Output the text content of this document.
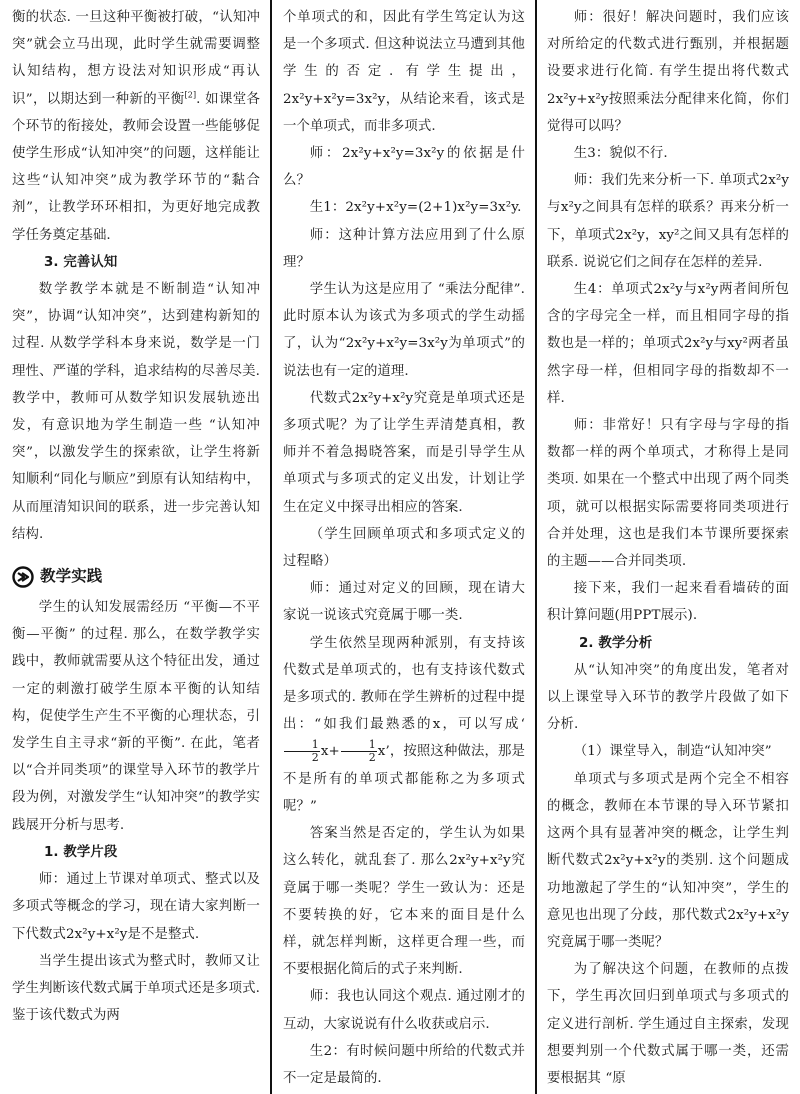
衡的状态. 一旦这种平衡被打破，“认知冲突”就会立马出现，此时学生就需要调整认知结构，想方设法对知识形成“再认识”，以期达到一种新的平衡[2]. 如课堂各个环节的衔接处，教师会设置一些能够促使学生形成“认知冲突”的问题，这样能让这些“认知冲突”成为教学环节的“黏合剂”，让教学环环相扣，为更好地完成教学任务奠定基础.

3. 完善认知

数学教学本就是不断制造“认知冲突”，协调“认知冲突”，达到建构新知的过程. 从数学学科本身来说，数学是一门理性、严谨的学科，追求结构的尽善尽美. 教学中，教师可从数学知识发展轨迹出发，有意识地为学生制造一些 “认知冲突”，以激发学生的探索欲，让学生将新知顺利“同化与顺应”到原有认知结构中，从而厘清知识间的联系，进一步完善认知结构.

教学实践

学生的认知发展需经历 “平衡—不平衡—平衡” 的过程. 那么，在数学教学实践中，教师就需要从这个特征出发，通过一定的刺激打破学生原本平衡的认知结构，促使学生产生不平衡的心理状态，引发学生自主寻求“新的平衡”. 在此，笔者以“合并同类项”的课堂导入环节的教学片段为例，对激发学生“认知冲突”的教学实践展开分析与思考.

1. 教学片段

师：通过上节课对单项式、整式以及多项式等概念的学习，现在请大家判断一下代数式2x²y+x²y是不是整式.

当学生提出该式为整式时，教师又让学生判断该代数式属于单项式还是多项式. 鉴于该代数式为两

个单项式的和，因此有学生笃定认为这是一个多项式. 但这种说法立马遭到其他学生的否定. 有学生提出，2x²y+x²y=3x²y，从结论来看，该式是一个单项式，而非多项式.

师：2x²y+x²y=3x²y的依据是什么？

生1：2x²y+x²y=(2+1)x²y=3x²y.

师：这种计算方法应用到了什么原理？

学生认为这是应用了 “乘法分配律”. 此时原本认为该式为多项式的学生动摇了，认为“2x²y+x²y=3x²y为单项式”的说法也有一定的道理.

代数式2x²y+x²y究竟是单项式还是多项式呢？为了让学生弄清楚真相，教师并不着急揭晓答案，而是引导学生从单项式与多项式的定义出发，计划让学生在定义中探寻出相应的答案.

（学生回顾单项式和多项式定义的过程略）

师：通过对定义的回顾，现在请大家说一说该式究竟属于哪一类.

学生依然呈现两种派别，有支持该代数式是单项式的，也有支持该代数式是多项式的. 教师在学生辨析的过程中提出：“如我们最熟悉的x，可以写成‘
$\frac{1}{2} x+ \frac{1}{2} x$’，按照这种做法，那是不是所有的单项式都能称之为多项式呢？”

答案当然是否定的，学生认为如果这么转化，就乱套了. 那么2x²y+x²y究竟属于哪一类呢？学生一致认为：还是不要转换的好，它本来的面目是什么样，就怎样判断，这样更合理一些，而不要根据化简后的式子来判断.

师：我也认同这个观点. 通过刚才的互动，大家说说有什么收获或启示.

生2：有时候问题中所给的代数式并不一定是最简的.

师：很好！解决问题时，我们应该对所给定的代数式进行甄别，并根据题设要求进行化简. 有学生提出将代数式2x²y+x²y按照乘法分配律来化简，你们觉得可以吗？

生3：貌似不行.

师：我们先来分析一下. 单项式2x²y与x²y之间具有怎样的联系？再来分析一下，单项式2x²y，xy²之间又具有怎样的联系. 说说它们之间存在怎样的差异.

生4：单项式2x²y与x²y两者间所包含的字母完全一样，而且相同字母的指数也是一样的；单项式2x²y与xy²两者虽然字母一样，但相同字母的指数却不一样.

师：非常好！只有字母与字母的指数都一样的两个单项式，才称得上是同类项. 如果在一个整式中出现了两个同类项，就可以根据实际需要将同类项进行合并处理，这也是我们本节课所要探索的主题——合并同类项.

接下来，我们一起来看看墙砖的面积计算问题(用PPT展示).

2. 教学分析

从“认知冲突”的角度出发，笔者对以上课堂导入环节的教学片段做了如下分析.

（1）课堂导入，制造“认知冲突”

单项式与多项式是两个完全不相容的概念，教师在本节课的导入环节紧扣这两个具有显著冲突的概念，让学生判断代数式2x²y+x²y的类别. 这个问题成功地激起了学生的“认知冲突”，学生的意见也出现了分歧，那代数式2x²y+x²y究竟属于哪一类呢？

为了解决这个问题，在教师的点拨下，学生再次回归到单项式与多项式的定义进行剖析. 学生通过自主探索，发现想要判别一个代数式属于哪一类，还需要根据其 “原
